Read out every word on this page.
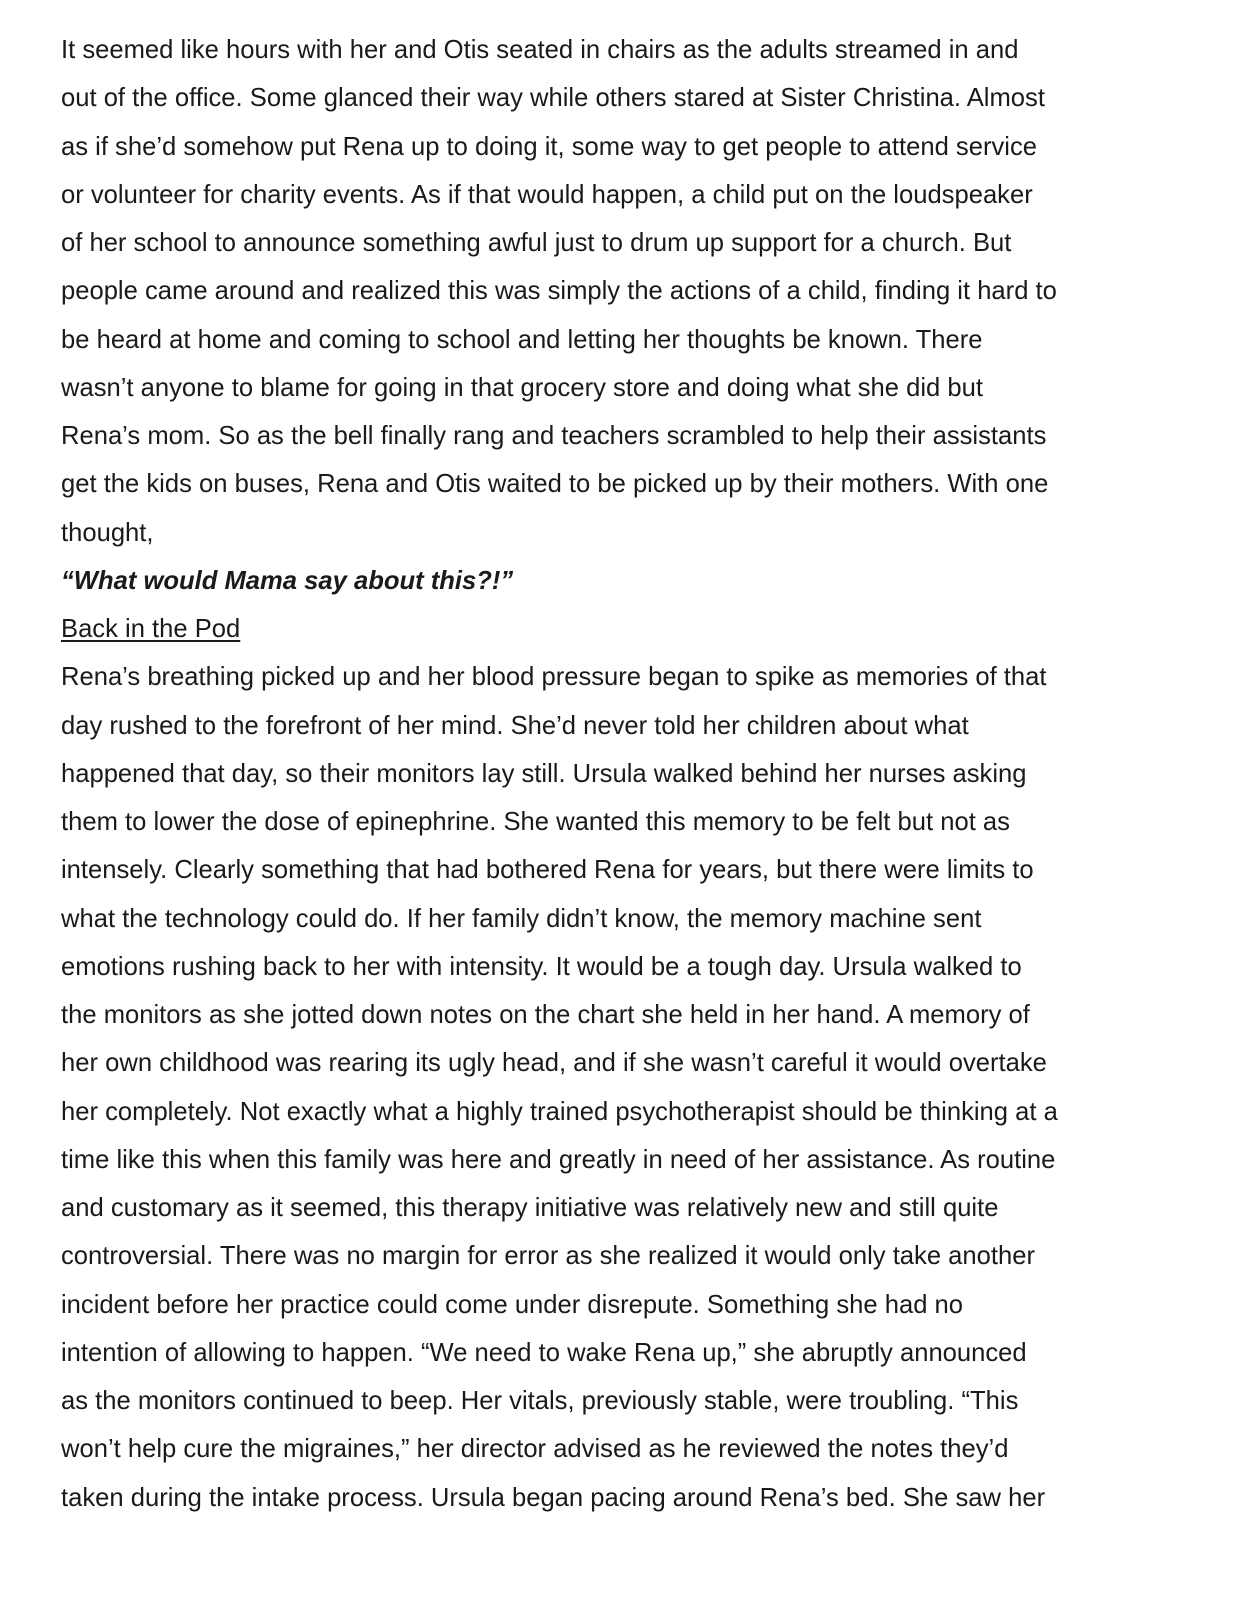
It seemed like hours with her and Otis seated in chairs as the adults streamed in and
out of the office. Some glanced their way while others stared at Sister Christina. Almost
as if she’d somehow put Rena up to doing it, some way to get people to attend service
or volunteer for charity events. As if that would happen, a child put on the loudspeaker
of her school to announce something awful just to drum up support for a church. But
people came around and realized this was simply the actions of a child, finding it hard to
be heard at home and coming to school and letting her thoughts be known. There
wasn’t anyone to blame for going in that grocery store and doing what she did but
Rena’s mom. So as the bell finally rang and teachers scrambled to help their assistants
get the kids on buses, Rena and Otis waited to be picked up by their mothers. With one
thought,
“What would Mama say about this?!”
Back in the Pod
Rena’s breathing picked up and her blood pressure began to spike as memories of that
day rushed to the forefront of her mind. She’d never told her children about what
happened that day, so their monitors lay still. Ursula walked behind her nurses asking
them to lower the dose of epinephrine. She wanted this memory to be felt but not as
intensely. Clearly something that had bothered Rena for years, but there were limits to
what the technology could do. If her family didn’t know, the memory machine sent
emotions rushing back to her with intensity. It would be a tough day. Ursula walked to
the monitors as she jotted down notes on the chart she held in her hand. A memory of
her own childhood was rearing its ugly head, and if she wasn’t careful it would overtake
her completely. Not exactly what a highly trained psychotherapist should be thinking at a
time like this when this family was here and greatly in need of her assistance. As routine
and customary as it seemed, this therapy initiative was relatively new and still quite
controversial. There was no margin for error as she realized it would only take another
incident before her practice could come under disrepute. Something she had no
intention of allowing to happen. “We need to wake Rena up,” she abruptly announced
as the monitors continued to beep. Her vitals, previously stable, were troubling. “This
won’t help cure the migraines,” her director advised as he reviewed the notes they’d
taken during the intake process. Ursula began pacing around Rena’s bed. She saw her
